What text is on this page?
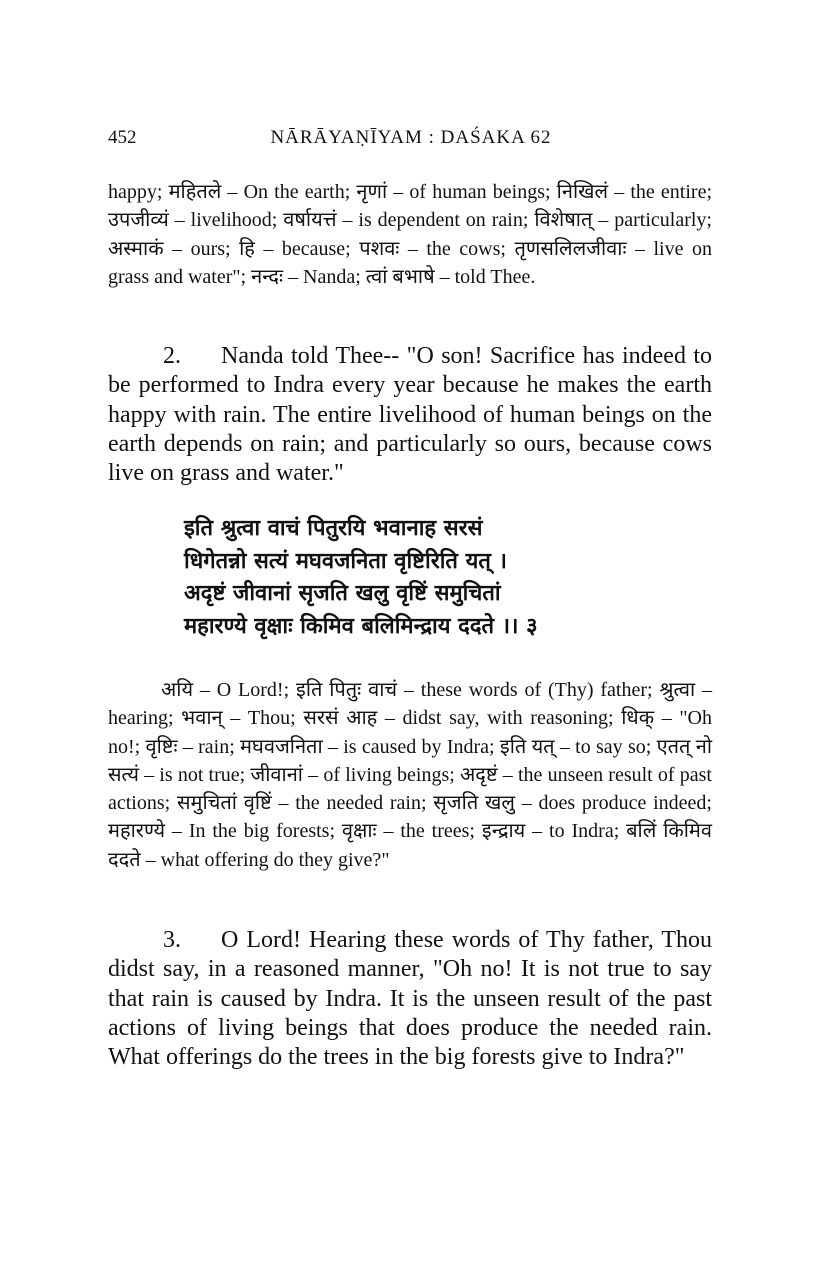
452	NĀRĀYAṆĪYAM : DAŚAKA 62

happy; महितले – On the earth; नृणां – of human beings; निखिलं – the entire; उपजीव्यं – livelihood; वर्षायत्तं – is dependent on rain; विशेषात् – particularly; अस्माकं – ours; हि – because; पशवः – the cows; तृणसलिलजीवाः – live on grass and water"; नन्दः – Nanda; त्वां बभाषे – told Thee.

2. Nanda told Thee-- "O son! Sacrifice has indeed to be performed to Indra every year because he makes the earth happy with rain. The entire livelihood of human beings on the earth depends on rain; and particularly so ours, because cows live on grass and water."

इति श्रुत्वा वाचं पितुरयि भवानाह सरसं
धिगेतन्नो सत्यं मघवजनिता वृष्टिरिति यत् ।
अदृष्टं जीवानां सृजति खलु वृष्टिं समुचितां
महारण्ये वृक्षाः किमिव बलिमिन्द्राय ददते ।। ३

अयि – O Lord!; इति पितुः वाचं – these words of (Thy) father; श्रुत्वा – hearing; भवान् – Thou; सरसं आह – didst say, with reasoning; धिक् – "Oh no!; वृष्टिः – rain; मघवजनिता – is caused by Indra; इति यत् – to say so; एतत् नो सत्यं – is not true; जीवानां – of living beings; अदृष्टं – the unseen result of past actions; समुचितां वृष्टिं – the needed rain; सृजति खलु – does produce indeed; महारण्ये – In the big forests; वृक्षाः – the trees; इन्द्राय – to Indra; बलिं किमिव ददते – what offering do they give?"

3. O Lord! Hearing these words of Thy father, Thou didst say, in a reasoned manner, "Oh no! It is not true to say that rain is caused by Indra. It is the unseen result of the past actions of living beings that does produce the needed rain. What offerings do the trees in the big forests give to Indra?"
